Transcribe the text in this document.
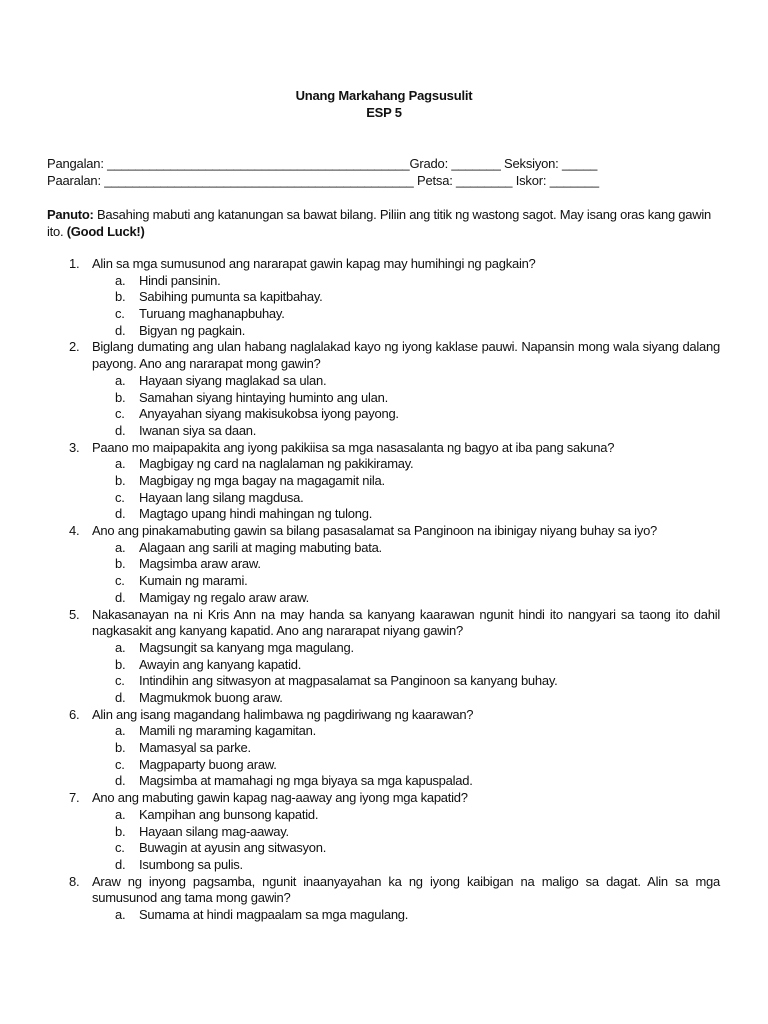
Unang Markahang Pagsusulit
ESP 5
Pangalan: ___________________________________________Grado: _______ Seksiyon: _____
Paaralan: ____________________________________________ Petsa: ________ Iskor: _______
Panuto: Basahing mabuti ang katanungan sa bawat bilang. Piliin ang titik ng wastong sagot. May isang oras kang gawin ito. (Good Luck!)
1. Alin sa mga sumusunod ang nararapat gawin kapag may humihingi ng pagkain?
a. Hindi pansinin.
b. Sabihing pumunta sa kapitbahay.
c. Turuang maghanapbuhay.
d. Bigyan ng pagkain.
2. Biglang dumating ang ulan habang naglalakad kayo ng iyong kaklase pauwi. Napansin mong wala siyang dalang payong. Ano ang nararapat mong gawin?
a. Hayaan siyang maglakad sa ulan.
b. Samahan siyang hintaying huminto ang ulan.
c. Anyayahan siyang makisukobsa iyong payong.
d. Iwanan siya sa daan.
3. Paano mo maipapakita ang iyong pakikiisa sa mga nasasalanta ng bagyo at iba pang sakuna?
a. Magbigay ng card na naglalaman ng pakikiramay.
b. Magbigay ng mga bagay na magagamit nila.
c. Hayaan lang silang magdusa.
d. Magtago upang hindi mahingan ng tulong.
4. Ano ang pinakamabuting gawin sa bilang pasasalamat sa Panginoon na ibinigay niyang buhay sa iyo?
a. Alagaan ang sarili at maging mabuting bata.
b. Magsimba araw araw.
c. Kumain ng marami.
d. Mamigay ng regalo araw araw.
5. Nakasanayan na ni Kris Ann na may handa sa kanyang kaarawan ngunit hindi ito nangyari sa taong ito dahil nagkasakit ang kanyang kapatid. Ano ang nararapat niyang gawin?
a. Magsungit sa kanyang mga magulang.
b. Awayin ang kanyang kapatid.
c. Intindihin ang sitwasyon at magpasalamat sa Panginoon sa kanyang buhay.
d. Magmukmok buong araw.
6. Alin ang isang magandang halimbawa ng pagdiriwang ng kaarawan?
a. Mamili ng maraming kagamitan.
b. Mamasyal sa parke.
c. Magpaparty buong araw.
d. Magsimba at mamahagi ng mga biyaya sa mga kapuspalad.
7. Ano ang mabuting gawin kapag nag-aaway ang iyong mga kapatid?
a. Kampihan ang bunsong kapatid.
b. Hayaan silang mag-aaway.
c. Buwagin at ayusin ang sitwasyon.
d. Isumbong sa pulis.
8. Araw ng inyong pagsamba, ngunit inaanyayahan ka ng iyong kaibigan na maligo sa dagat. Alin sa mga sumusunod ang tama mong gawin?
a. Sumama at hindi magpaalam sa mga magulang.
